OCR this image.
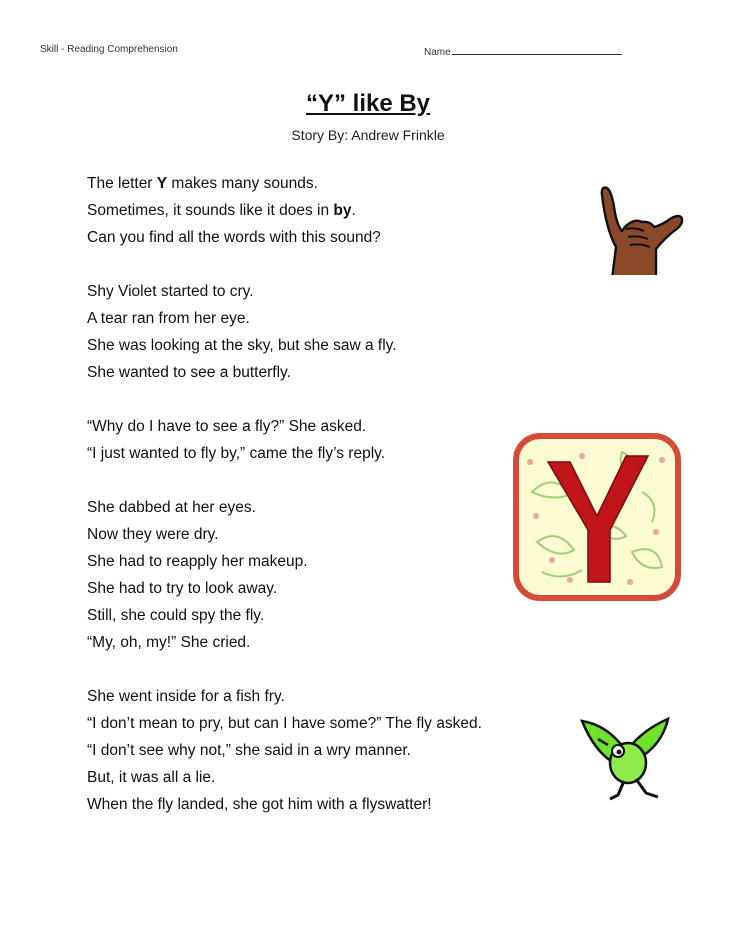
Skill - Reading Comprehension	Name
“Y” like By
Story By: Andrew Frinkle
The letter Y makes many sounds.
Sometimes, it sounds like it does in by.
Can you find all the words with this sound?
Shy Violet started to cry.
A tear ran from her eye.
She was looking at the sky, but she saw a fly.
She wanted to see a butterfly.
“Why do I have to see a fly?” She asked.
“I just wanted to fly by,” came the fly’s reply.
She dabbed at her eyes.
Now they were dry.
She had to reapply her makeup.
She had to try to look away.
Still, she could spy the fly.
“My, oh, my!” She cried.
She went inside for a fish fry.
“I don’t mean to pry, but can I have some?” The fly asked.
“I don’t see why not,” she said in a wry manner.
But, it was all a lie.
When the fly landed, she got him with a flyswatter!
